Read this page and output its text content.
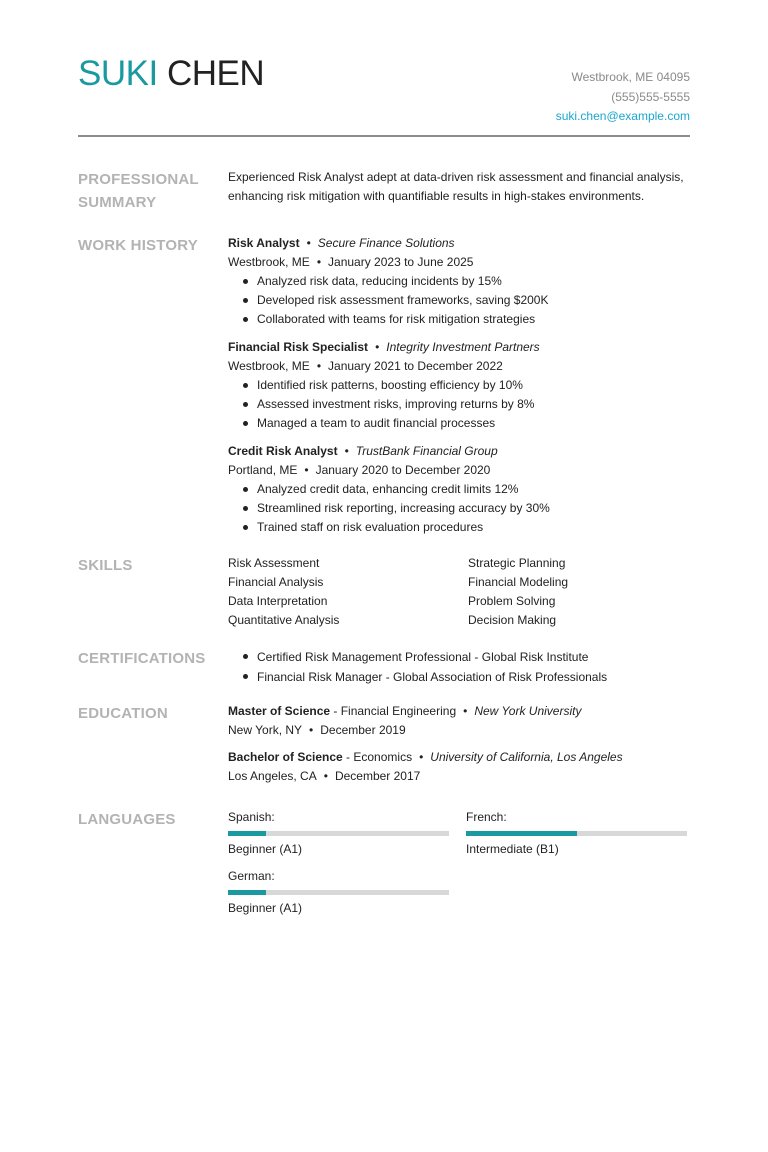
SUKI CHEN	Westbrook, ME 04095
(555)555-5555
suki.chen@example.com
PROFESSIONAL
SUMMARY
Experienced Risk Analyst adept at data-driven risk assessment and financial analysis,
enhancing risk mitigation with quantifiable results in high-stakes environments.
WORK HISTORY	Risk Analyst • Secure Finance Solutions
Westbrook, ME • January 2023 to June 2025
Analyzed risk data, reducing incidents by 15%
Developed risk assessment frameworks, saving $200K
Collaborated with teams for risk mitigation strategies
Financial Risk Specialist • Integrity Investment Partners
Westbrook, ME • January 2021 to December 2022
Identified risk patterns, boosting efficiency by 10%
Assessed investment risks, improving returns by 8%
Managed a team to audit financial processes
Credit Risk Analyst • TrustBank Financial Group
Portland, ME • January 2020 to December 2020
Analyzed credit data, enhancing credit limits 12%
Streamlined risk reporting, increasing accuracy by 30%
Trained staff on risk evaluation procedures
SKILLS	Risk Assessment	Strategic Planning
Financial Analysis	Financial Modeling
Data Interpretation	Problem Solving
Quantitative Analysis	Decision Making
CERTIFICATIONS	Certified Risk Management Professional - Global Risk Institute
Financial Risk Manager - Global Association of Risk Professionals
EDUCATION	Master of Science - Financial Engineering • New York University
New York, NY • December 2019
Bachelor of Science - Economics • University of California, Los Angeles
Los Angeles, CA • December 2017
LANGUAGES	Spanish:
Beginner (A1)
French:
Intermediate (B1)
German:
Beginner (A1)
